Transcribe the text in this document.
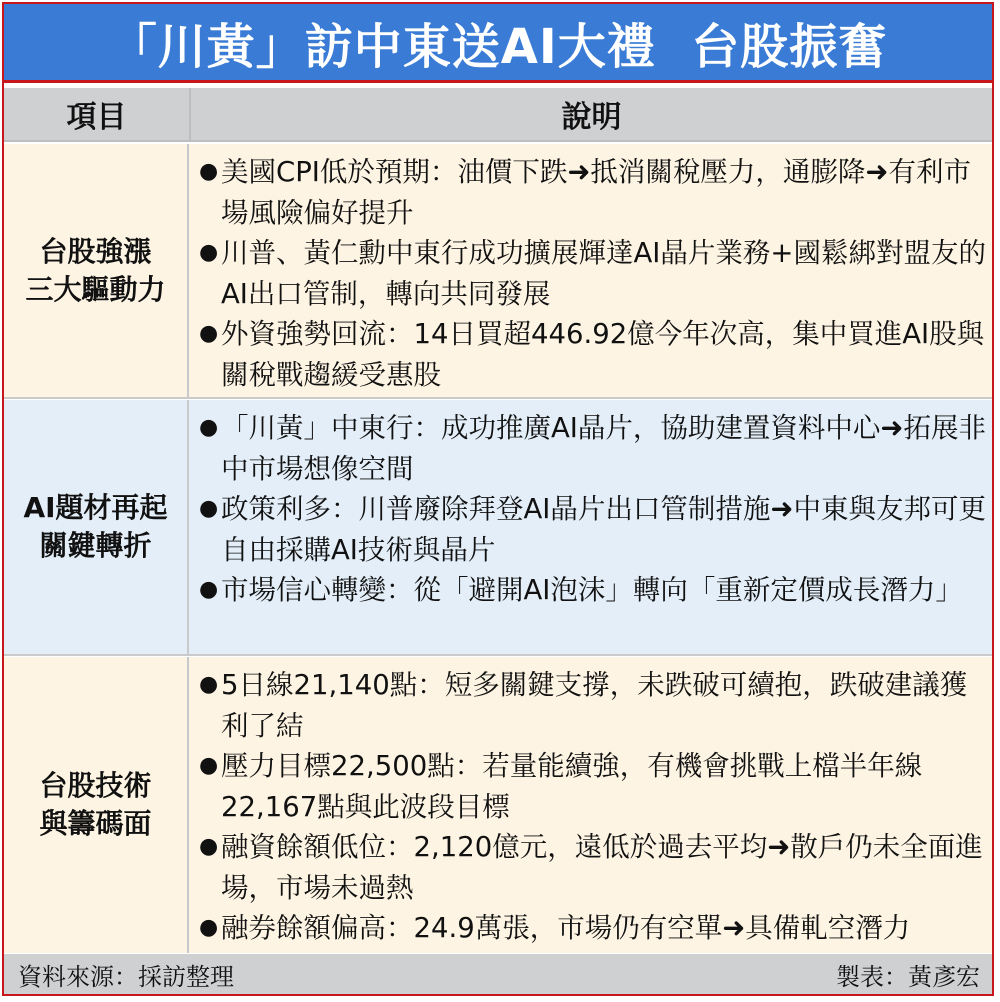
「川黃」訪中東送AI大禮  台股振奮
項目	說明
台股強漲
三大驅動力
● 美國CPI低於預期：油價下跌➜抵消關稅壓力，通膨降➜有利市場風險偏好提升
● 川普、黃仁勳中東行成功擴展輝達AI晶片業務+國鬆綁對盟友的AI出口管制，轉向共同發展
● 外資強勢回流：14日買超446.92億今年次高，集中買進AI股與關稅戰趨緩受惠股
AI題材再起
關鍵轉折
● 「川黃」中東行：成功推廣AI晶片，協助建置資料中心➜拓展非中市場想像空間
● 政策利多：川普廢除拜登AI晶片出口管制措施➜中東與友邦可更自由採購AI技術與晶片
● 市場信心轉變：從「避開AI泡沫」轉向「重新定價成長潛力」
台股技術
與籌碼面
● 5日線21,140點：短多關鍵支撐，未跌破可續抱，跌破建議獲利了結
● 壓力目標22,500點：若量能續強，有機會挑戰上檔半年線22,167點與此波段目標
● 融資餘額低位：2,120億元，遠低於過去平均➜散戶仍未全面進場，市場未過熱
● 融券餘額偏高：24.9萬張，市場仍有空單➜具備軋空潛力
資料來源：採訪整理	製表：黃彥宏
